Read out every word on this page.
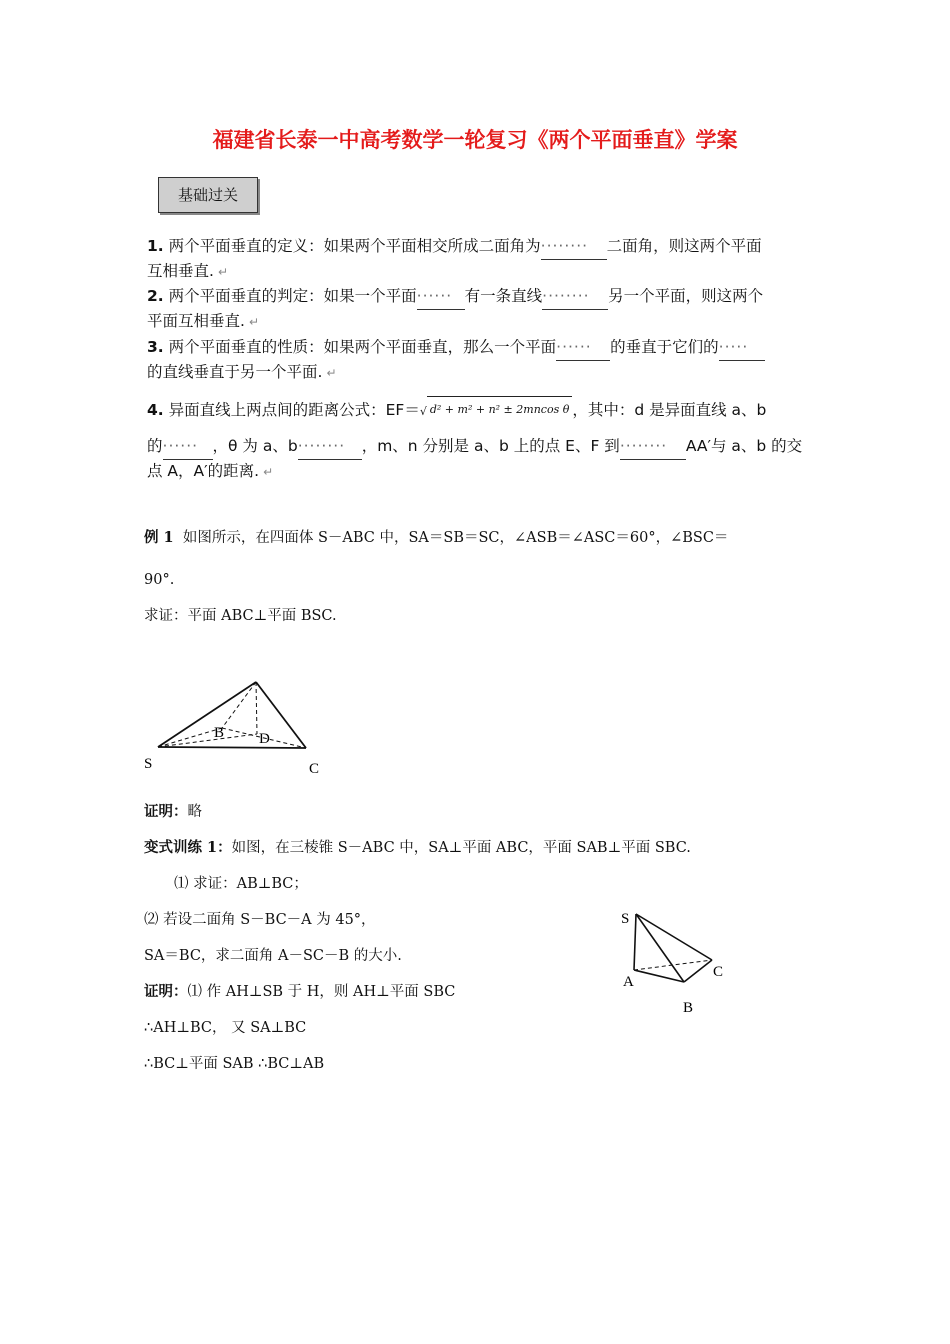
福建省长泰一中高考数学一轮复习《两个平面垂直》学案
基础过关
1. 两个平面垂直的定义：如果两个平面相交所成二面角为········ 二面角，则这两个平面
互相垂直. ↵
2. 两个平面垂直的判定：如果一个平面······ 有一条直线········ 另一个平面，则这两个
平面互相垂直. ↵
3. 两个平面垂直的性质：如果两个平面垂直，那么一个平面······ 的垂直于它们的·····
的直线垂直于另一个平面. ↵
4. 异面直线上两点间的距离公式：EF＝√ d² + m² + n² ± 2mncos θ ，其中：d 是异面直线 a、b
的······ ，θ 为 a、b········ ，m、n 分别是 a、b 上的点 E、F 到········ AA′与 a、b 的交
点 A，A′的距离. ↵
例 1 如图所示，在四面体 S－ABC 中，SA＝SB＝SC，∠ASB＝∠ASC＝60°，∠BSC＝
90°.
求证：平面 ABC⊥平面 BSC.
B D
S	C
证明：略
变式训练 1：如图，在三棱锥 S－ABC 中，SA⊥平面 ABC，平面 SAB⊥平面 SBC.
⑴ 求证：AB⊥BC；
⑵ 若设二面角 S－BC－A 为 45°，
SA＝BC，求二面角 A－SC－B 的大小.
证明：⑴ 作 AH⊥SB 于 H，则 AH⊥平面 SBC
∴AH⊥BC， 又 SA⊥BC
∴BC⊥平面 SAB ∴BC⊥AB
S
A
B
C
